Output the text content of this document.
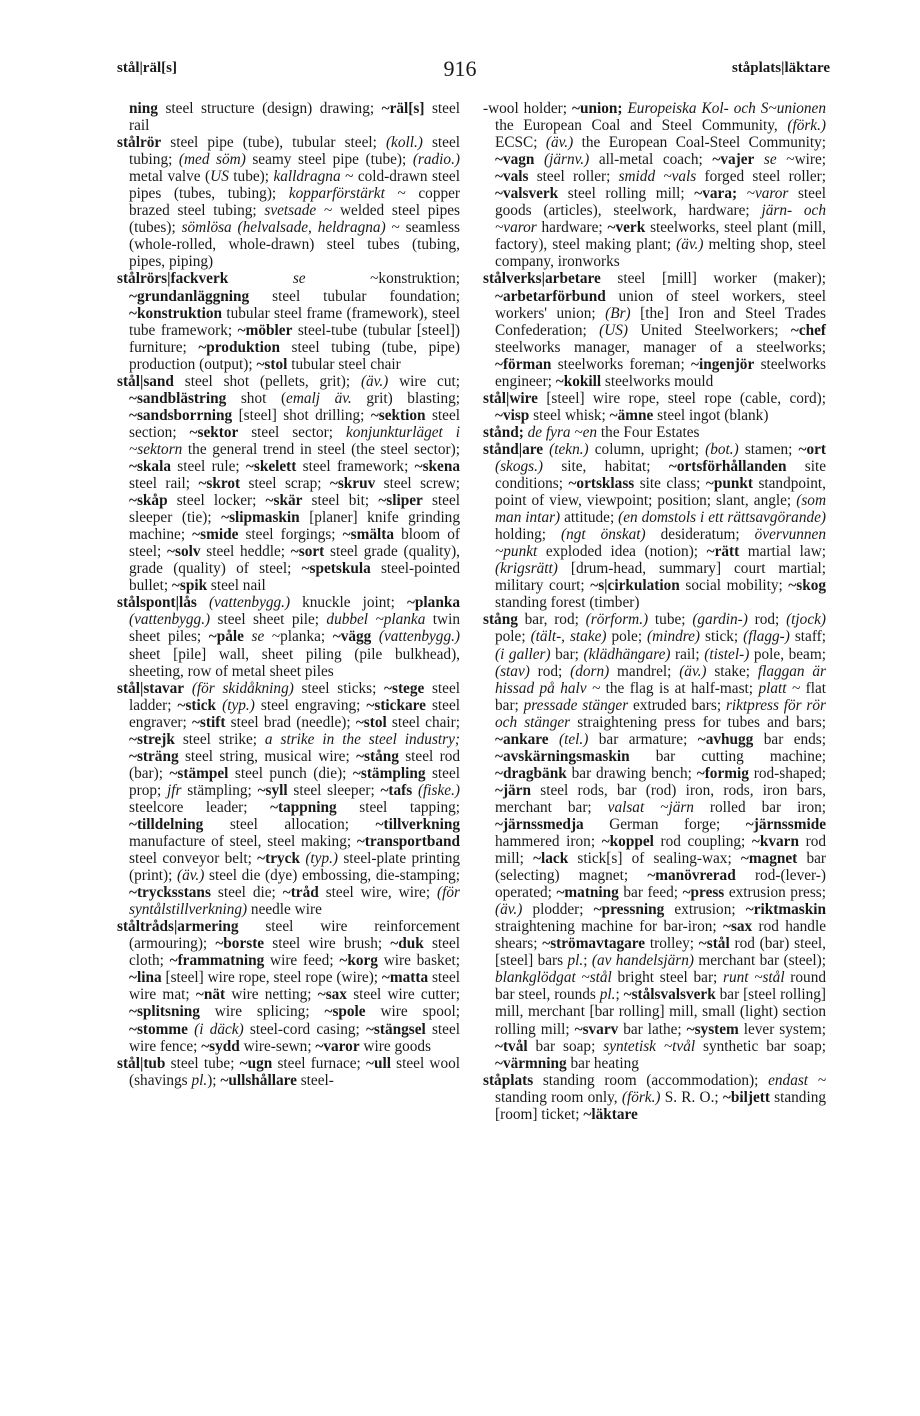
stål|räl[s]	916	ståplats|läktare

ning steel structure (design) drawing; ~räl[s] steel rail

stålrör steel pipe (tube), tubular steel; (koll.) steel tubing; (med söm) seamy steel pipe (tube); (radio.) metal valve (US tube); kalldragna ~ cold-drawn steel pipes (tubes, tubing); kopparförstärkt ~ copper brazed steel tubing; svetsade ~ welded steel pipes (tubes); sömlösa (helvalsade, heldragna) ~ seamless (whole-rolled, whole-drawn) steel tubes (tubing, pipes, piping)

stålrörs|fackverk	se ~konstruktion; ~grundanläggning steel tubular foundation; ~konstruktion tubular steel frame (framework), steel tube framework; ~möbler steel-tube (tubular [steel]) furniture; ~produktion steel tubing (tube, pipe) production (output); ~stol tubular steel chair

stål|sand steel shot (pellets, grit); (äv.) wire cut; ~sandblästring shot (emalj äv. grit) blasting; ~sandsborrning [steel] shot drilling; ~sektion steel section; ~sektor steel sector; konjunkturläget i ~sektorn the general trend in steel (the steel sector); ~skala steel rule; ~skelett steel framework; ~skena steel rail; ~skrot steel scrap; ~skruv steel screw; ~skåp steel locker; ~skär steel bit; ~sliper steel sleeper (tie); ~slipmaskin [planer] knife grinding machine; ~smide steel forgings; ~smälta bloom of steel; ~solv steel heddle; ~sort steel grade (quality), grade (quality) of steel; ~spetskula steel-pointed bullet; ~spik steel nail

stålspont|lås (vattenbygg.) knuckle joint; ~planka (vattenbygg.) steel sheet pile; dubbel ~planka twin sheet piles; ~påle se ~planka; ~vägg (vattenbygg.) sheet [pile] wall, sheet piling (pile bulkhead), sheeting, row of metal sheet piles

stål|stavar (för skidåkning) steel sticks; ~stege steel ladder; ~stick (typ.) steel engraving; ~stickare steel engraver; ~stift steel brad (needle); ~stol steel chair; ~strejk steel strike; a strike in the steel industry; ~sträng steel string, musical wire; ~stång steel rod (bar); ~stämpel steel punch (die); ~stämpling steel prop; jfr stämpling; ~syll steel sleeper; ~tafs (fiske.) steelcore leader; ~tappning steel tapping; ~tilldelning steel allocation; ~tillverkning manufacture of steel, steel making; ~transportband steel conveyor belt; ~tryck (typ.) steel-plate printing (print); (äv.) steel die (dye) embossing, die-stamping; ~trycksstans steel die; ~tråd steel wire, wire; (för syntålstillverkning) needle wire

ståltråds|armering steel wire reinforcement (armouring); ~borste steel wire brush; ~duk steel cloth; ~frammatning wire feed; ~korg wire basket; ~lina [steel] wire rope, steel rope (wire); ~matta steel wire mat; ~nät wire netting; ~sax steel wire cutter; ~splitsning wire splicing; ~spole wire spool; ~stomme (i däck) steel-cord casing; ~stängsel steel wire fence; ~sydd wire-sewn; ~varor wire goods

stål|tub steel tube; ~ugn steel furnace; ~ull steel wool (shavings pl.); ~ullshållare steel-

-wool holder; ~union; Europeiska Kol- och S~unionen the European Coal and Steel Community, (förk.) ECSC; (äv.) the European Coal-Steel Community; ~vagn (järnv.) all-metal coach; ~vajer se ~wire; ~vals steel roller; smidd ~vals forged steel roller; ~valsverk steel rolling mill; ~vara; ~varor steel goods (articles), steelwork, hardware; järn- och ~varor hardware; ~verk steelworks, steel plant (mill, factory), steel making plant; (äv.) melting shop, steel company, ironworks

stålverks|arbetare steel [mill] worker (maker); ~arbetarförbund union of steel workers, steel workers' union; (Br) [the] Iron and Steel Trades Confederation; (US) United Steelworkers; ~chef steelworks manager, manager of a steelworks; ~förman steelworks foreman; ~ingenjör steelworks engineer; ~kokill steelworks mould

stål|wire [steel] wire rope, steel rope (cable, cord); ~visp steel whisk; ~ämne steel ingot (blank)

stånd; de fyra ~en the Four Estates

stånd|are (tekn.) column, upright; (bot.) stamen; ~ort (skogs.) site, habitat; ~ortsförhållanden site conditions; ~ortsklass site class; ~punkt standpoint, point of view, viewpoint; position; slant, angle; (som man intar) attitude; (en domstols i ett rättsavgörande) holding; (ngt önskat) desideratum; övervunnen ~punkt exploded idea (notion); ~rätt martial law; (krigsrätt) [drum-head, summary] court martial; military court; ~s|cirkulation social mobility; ~skog standing forest (timber)

stång bar, rod; (rörform.) tube; (gardin-) rod; (tjock) pole; (tält-, stake) pole; (mindre) stick; (flagg-) staff; (i galler) bar; (klädhängare) rail; (tistel-) pole, beam; (stav) rod; (dorn) mandrel; (äv.) stake; flaggan är hissad på halv ~ the flag is at half-mast; platt ~ flat bar; pressade stänger extruded bars; riktpress för rör och stänger straightening press for tubes and bars; ~ankare (tel.) bar armature; ~avhugg bar ends; ~avskärningsmaskin bar cutting machine; ~dragbänk bar drawing bench; ~formig rod-shaped; ~järn steel rods, bar (rod) iron, rods, iron bars, merchant bar; valsat ~järn rolled bar iron; ~järnssmedja German forge; ~järnssmide hammered iron; ~koppel rod coupling; ~kvarn rod mill; ~lack stick[s] of sealing-wax; ~magnet bar (selecting) magnet; ~manövrerad rod-(lever-) operated; ~matning bar feed; ~press extrusion press; (äv.) plodder; ~pressning extrusion; ~riktmaskin straightening machine for bar-iron; ~sax rod handle shears; ~strömavtagare trolley; ~stål rod (bar) steel, [steel] bars pl.; (av handelsjärn) merchant bar (steel); blankglödgat ~stål bright steel bar; runt ~stål round bar steel, rounds pl.; ~stålsvalsverk bar [steel rolling] mill, merchant [bar rolling] mill, small (light) section rolling mill; ~svarv bar lathe; ~system lever system; ~tvål bar soap; syntetisk ~tvål synthetic bar soap; ~värmning bar heating

ståplats standing room (accommodation); endast ~ standing room only, (förk.) S. R. O.; ~biljett standing [room] ticket; ~läktare
